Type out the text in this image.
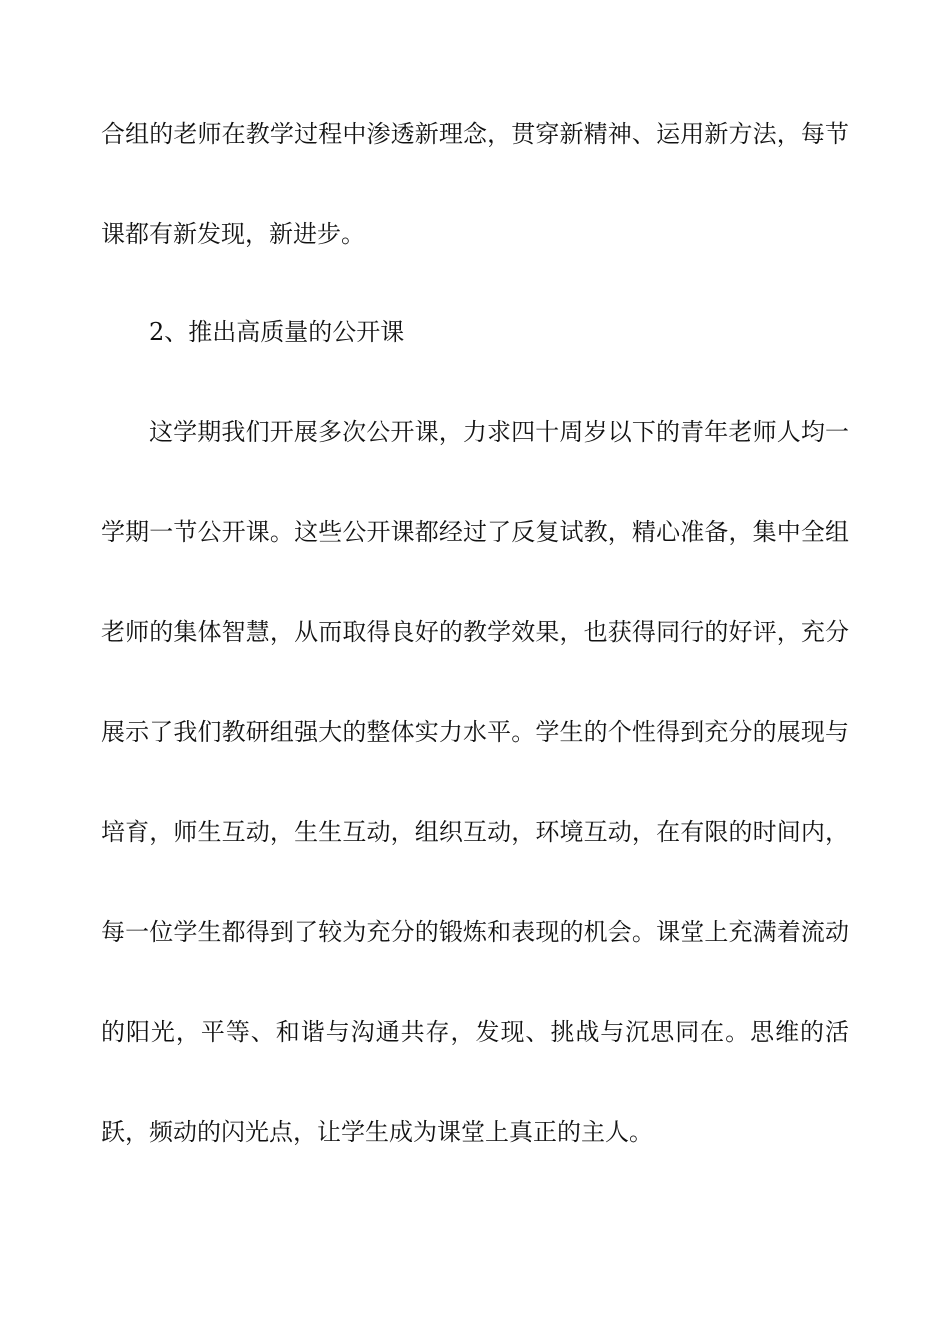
合组的老师在教学过程中渗透新理念，贯穿新精神、运用新方法，每节
课都有新发现，新进步。
2、推出高质量的公开课
这学期我们开展多次公开课，力求四十周岁以下的青年老师人均一
学期一节公开课。这些公开课都经过了反复试教，精心准备，集中全组
老师的集体智慧，从而取得良好的教学效果，也获得同行的好评，充分
展示了我们教研组强大的整体实力水平。学生的个性得到充分的展现与
培育，师生互动，生生互动，组织互动，环境互动，在有限的时间内，
每一位学生都得到了较为充分的锻炼和表现的机会。课堂上充满着流动
的阳光，平等、和谐与沟通共存，发现、挑战与沉思同在。思维的活
跃，频动的闪光点，让学生成为课堂上真正的主人。
